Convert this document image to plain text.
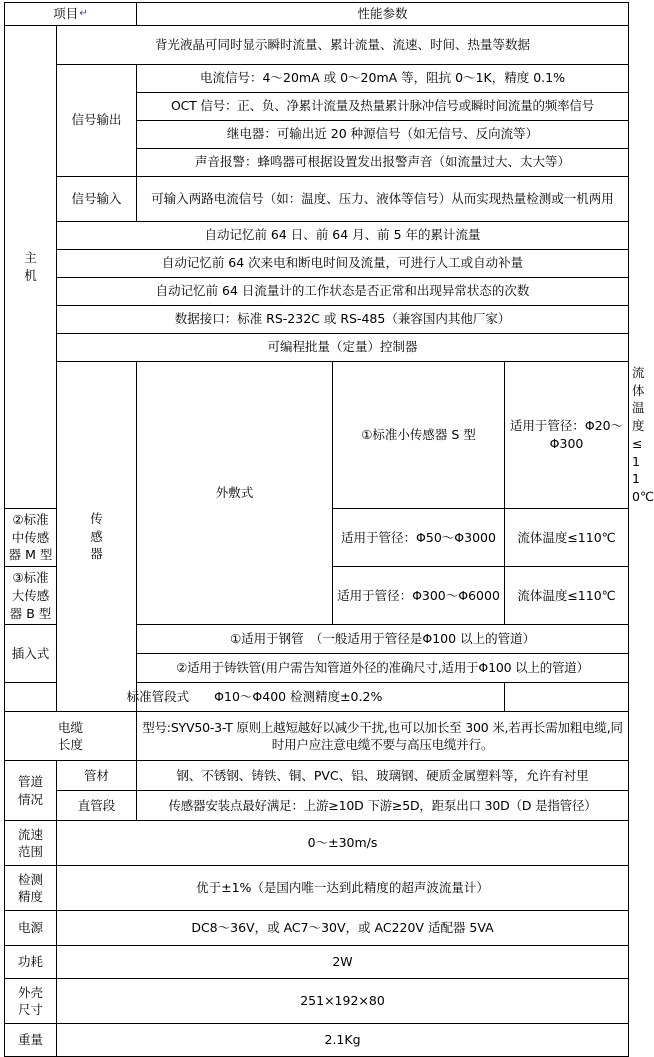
项目↵		性能参数			

主
机	背光液晶可同时显示瞬时流量、累计流量、流速、时间、热量等数据				
	信号输出	电流信号：4～20mA 或 0～20mA 等，阻抗 0～1K，精度 0.1%			
		OCT 信号：正、负、净累计流量及热量累计脉冲信号或瞬时间流量的频率信号			
		继电器：可输出近 20 种源信号（如无信号、反向流等）			
		声音报警：蜂鸣器可根据设置发出报警声音（如流量过大、太大等）			
	信号输入	可输入两路电流信号（如：温度、压力、液体等信号）从而实现热量检测或一机两用			
	自动记忆前 64 日、前 64 月、前 5 年的累计流量				
	自动记忆前 64 次来电和断电时间及流量，可进行人工或自动补量				
	自动记忆前 64 日流量计的工作状态是否正常和出现异常状态的次数				
	数据接口：标准 RS-232C 或 RS-485（兼容国内其他厂家）				
	可编程批量（定量）控制器				

	传
感
器	外敷式	①标准小传感器 S 型	适用于管径：Φ20～Φ300	流体温度≤110℃
②标准中传感器 M 型			适用于管径：Φ50～Φ3000	流体温度≤110℃	
③标准大传感器 B 型			适用于管径：Φ300～Φ6000	流体温度≤110℃	
插入式		①适用于钢管　（一般适用于管径是Φ100 以上的管道）			
		②适用于铸铁管(用户需告知管道外径的准确尺寸,适用于Φ100 以上的管道）			
标准管段式　　Φ10～Φ400 检测精度±0.2%					

电缆
长度		型号:SYV50-3-T 原则上越短越好以减少干扰,也可以加长至 300 米,若再长需加粗电缆,同时用户应注意电缆不要与高压电缆并行。			

管道
情况	管材	钢、不锈钢、铸铁、铜、PVC、铝、玻璃钢、硬质金属塑料等，允许有衬里			
	直管段	传感器安装点最好满足：上游≥10D 下游≥5D，距泵出口 30D（D 是指管径）			

流速
范围	0～±30m/s				

检测
精度	优于±1%（是国内唯一达到此精度的超声波流量计）				
电源	DC8～36V，或 AC7～30V，或 AC220V 适配器 5VA				
功耗	2W				

外壳
尺寸	251×192×80				
重量	2.1Kg				
